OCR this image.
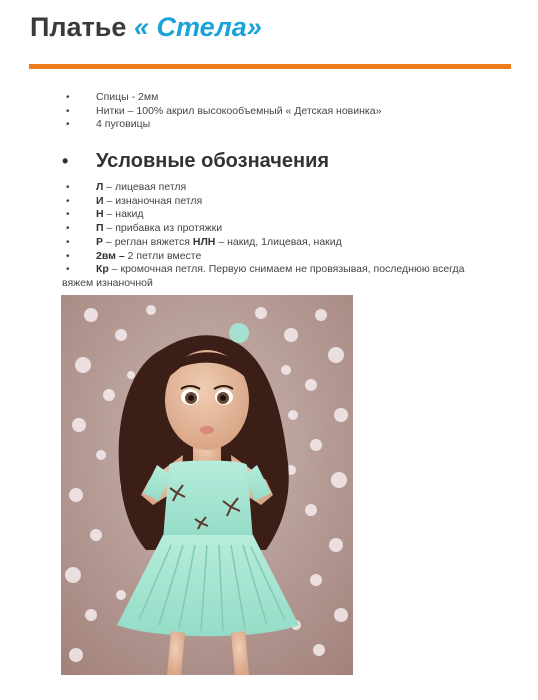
Платье « Стела»
•	Спицы - 2мм
•	Нитки – 100% акрил высокообъемный « Детская новинка»
•	4 пуговицы
• Условные обозначения
•	Л – лицевая петля
•	И – изнаночная петля
•	Н – накид
•	П – прибавка из протяжки
•	Р – реглан вяжется НЛН – накид, 1лицевая, накид
•	2вм – 2 петли вместе
•	Кр – кромочная петля. Первую снимаем не провязывая, последнюю всегда
вяжем изнаночной
